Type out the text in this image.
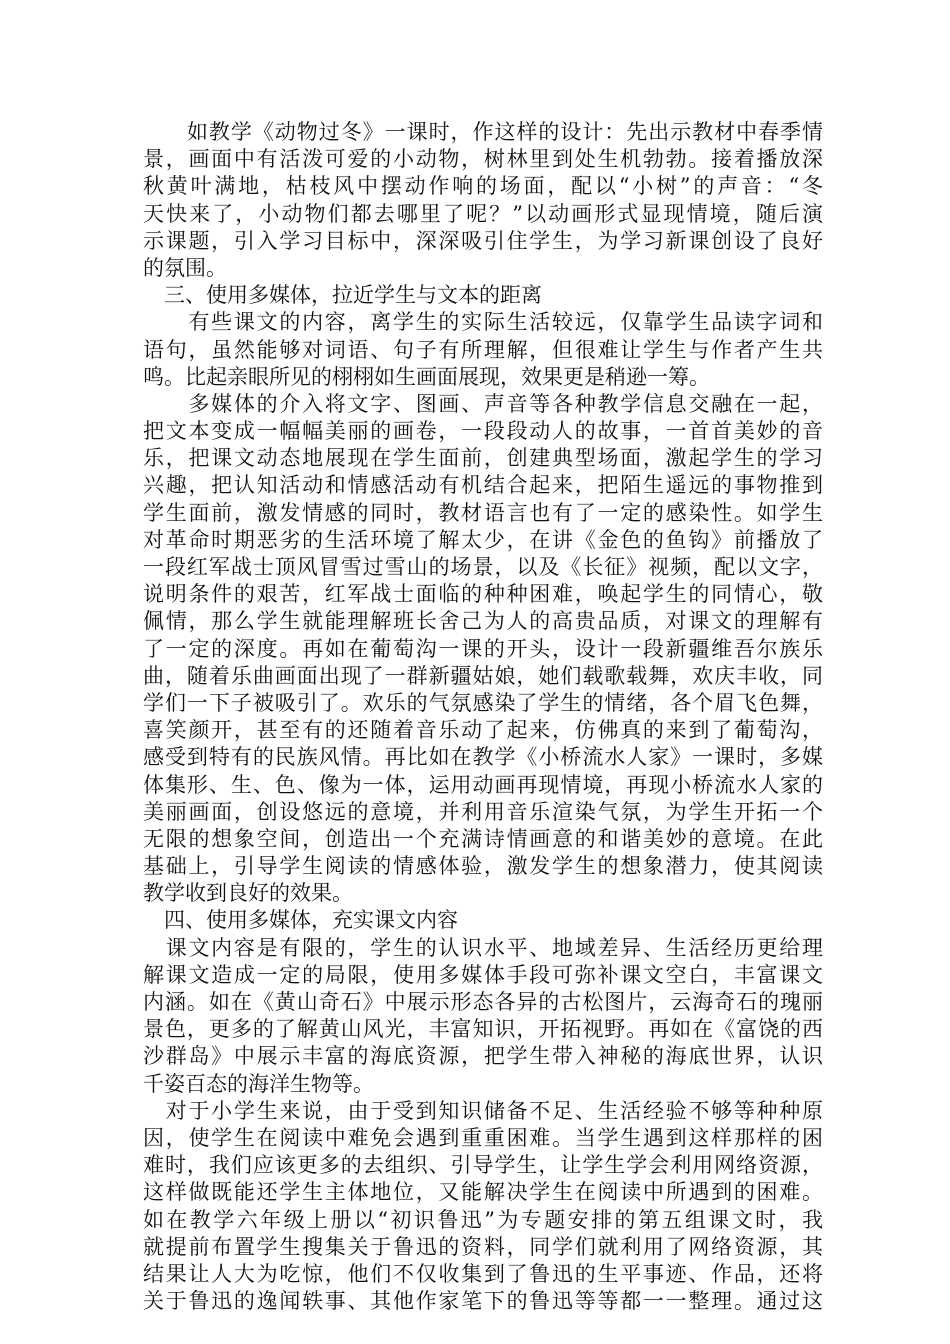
　　如教学《动物过冬》一课时，作这样的设计：先出示教材中春季情
景，画面中有活泼可爱的小动物，树林里到处生机勃勃。接着播放深
秋黄叶满地，枯枝风中摆动作响的场面，配以“小树”的声音：“冬
天快来了，小动物们都去哪里了呢？”以动画形式显现情境，随后演
示课题，引入学习目标中，深深吸引住学生，为学习新课创设了良好
的氛围。
　三、使用多媒体，拉近学生与文本的距离
　　有些课文的内容，离学生的实际生活较远，仅靠学生品读字词和
语句，虽然能够对词语、句子有所理解，但很难让学生与作者产生共
鸣。比起亲眼所见的栩栩如生画面展现，效果更是稍逊一筹。
　　多媒体的介入将文字、图画、声音等各种教学信息交融在一起，
把文本变成一幅幅美丽的画卷，一段段动人的故事，一首首美妙的音
乐，把课文动态地展现在学生面前，创建典型场面，激起学生的学习
兴趣，把认知活动和情感活动有机结合起来，把陌生遥远的事物推到
学生面前，激发情感的同时，教材语言也有了一定的感染性。如学生
对革命时期恶劣的生活环境了解太少，在讲《金色的鱼钩》前播放了
一段红军战士顶风冒雪过雪山的场景，以及《长征》视频，配以文字，
说明条件的艰苦，红军战士面临的种种困难，唤起学生的同情心，敬
佩情，那么学生就能理解班长舍己为人的高贵品质，对课文的理解有
了一定的深度。再如在葡萄沟一课的开头，设计一段新疆维吾尔族乐
曲，随着乐曲画面出现了一群新疆姑娘，她们载歌载舞，欢庆丰收，同
学们一下子被吸引了。欢乐的气氛感染了学生的情绪，各个眉飞色舞，
喜笑颜开，甚至有的还随着音乐动了起来，仿佛真的来到了葡萄沟，
感受到特有的民族风情。再比如在教学《小桥流水人家》一课时，多媒
体集形、生、色、像为一体，运用动画再现情境，再现小桥流水人家的
美丽画面，创设悠远的意境，并利用音乐渲染气氛，为学生开拓一个
无限的想象空间，创造出一个充满诗情画意的和谐美妙的意境。在此
基础上，引导学生阅读的情感体验，激发学生的想象潜力，使其阅读
教学收到良好的效果。
　四、使用多媒体，充实课文内容
　课文内容是有限的，学生的认识水平、地域差异、生活经历更给理
解课文造成一定的局限，使用多媒体手段可弥补课文空白，丰富课文
内涵。如在《黄山奇石》中展示形态各异的古松图片，云海奇石的瑰丽
景色，更多的了解黄山风光，丰富知识，开拓视野。再如在《富饶的西
沙群岛》中展示丰富的海底资源，把学生带入神秘的海底世界，认识
千姿百态的海洋生物等。
　对于小学生来说，由于受到知识储备不足、生活经验不够等种种原
因，使学生在阅读中难免会遇到重重困难。当学生遇到这样那样的困
难时，我们应该更多的去组织、引导学生，让学生学会利用网络资源，
这样做既能还学生主体地位，又能解决学生在阅读中所遇到的困难。
如在教学六年级上册以“初识鲁迅”为专题安排的第五组课文时，我
就提前布置学生搜集关于鲁迅的资料，同学们就利用了网络资源，其
结果让人大为吃惊，他们不仅收集到了鲁迅的生平事迹、作品，还将
关于鲁迅的逸闻轶事、其他作家笔下的鲁迅等等都一一整理。通过这
